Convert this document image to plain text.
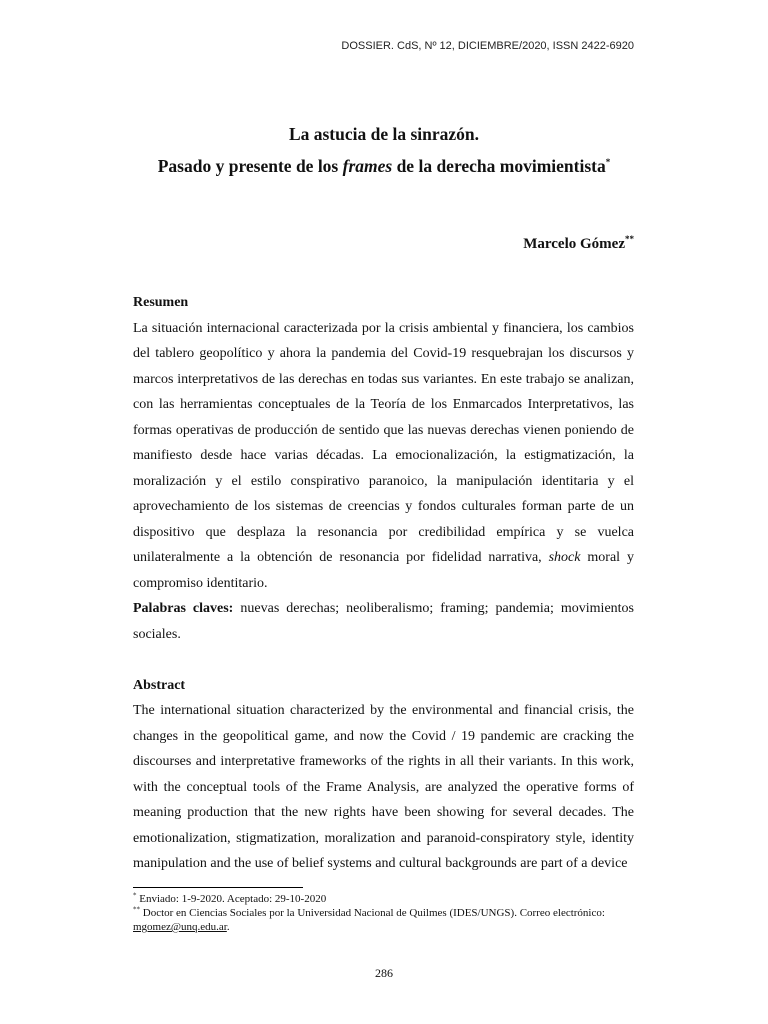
DOSSIER. CdS, Nº 12, DICIEMBRE/2020, ISSN 2422-6920
La astucia de la sinrazón.
Pasado y presente de los frames de la derecha movimientista*
Marcelo Gómez**
Resumen

La situación internacional caracterizada por la crisis ambiental y financiera, los cambios del tablero geopolítico y ahora la pandemia del Covid-19 resquebrajan los discursos y marcos interpretativos de las derechas en todas sus variantes. En este trabajo se analizan, con las herramientas conceptuales de la Teoría de los Enmarcados Interpretativos, las formas operativas de producción de sentido que las nuevas derechas vienen poniendo de manifiesto desde hace varias décadas. La emocionalización, la estigmatización, la moralización y el estilo conspirativo paranoico, la manipulación identitaria y el aprovechamiento de los sistemas de creencias y fondos culturales forman parte de un dispositivo que desplaza la resonancia por credibilidad empírica y se vuelca unilateralmente a la obtención de resonancia por fidelidad narrativa, shock moral y compromiso identitario.

Palabras claves: nuevas derechas; neoliberalismo; framing; pandemia; movimientos sociales.

Abstract

The international situation characterized by the environmental and financial crisis, the changes in the geopolitical game, and now the Covid / 19 pandemic are cracking the discourses and interpretative frameworks of the rights in all their variants. In this work, with the conceptual tools of the Frame Analysis, are analyzed the operative forms of meaning production that the new rights have been showing for several decades. The emotionalization, stigmatization, moralization and paranoid-conspiratory style, identity manipulation and the use of belief systems and cultural backgrounds are part of a device

* Enviado: 1-9-2020. Aceptado: 29-10-2020

** Doctor en Ciencias Sociales por la Universidad Nacional de Quilmes (IDES/UNGS). Correo electrónico: mgomez@unq.edu.ar.

286
